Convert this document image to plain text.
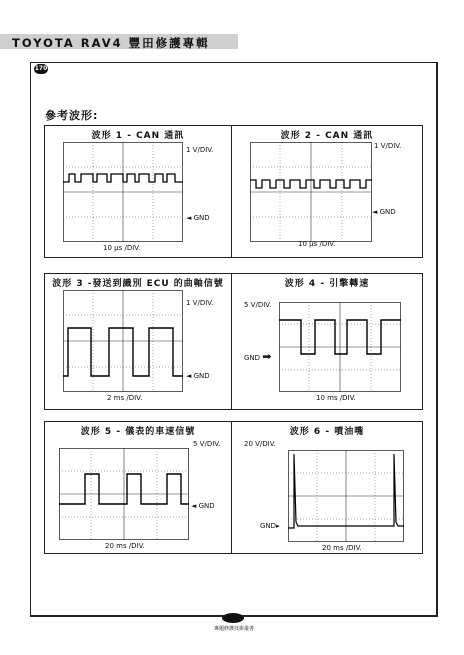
TOYOTA RAV4 豐田修護專輯
170
參考波形:
波形 1 - CAN 通訊
1 V/DIV.
◄ GND
10 μs /DIV.
波形 2 - CAN 通訊
1 V/DIV.
◄ GND
10 μs /DIV.
波形 3 -發送到識別 ECU 的曲軸信號
1 V/DIV.
◄ GND
2 ms /DIV.
波形 4 - 引擎轉速
5 V/DIV.
GND ➡
10 ms /DIV.
波形 5 - 儀表的車速信號
5 V/DIV.
◄ GND
20 ms /DIV.
波形 6 - 噴油嘴
20 V/DIV.
GND▸
20 ms /DIV.
專題修護技術叢書
